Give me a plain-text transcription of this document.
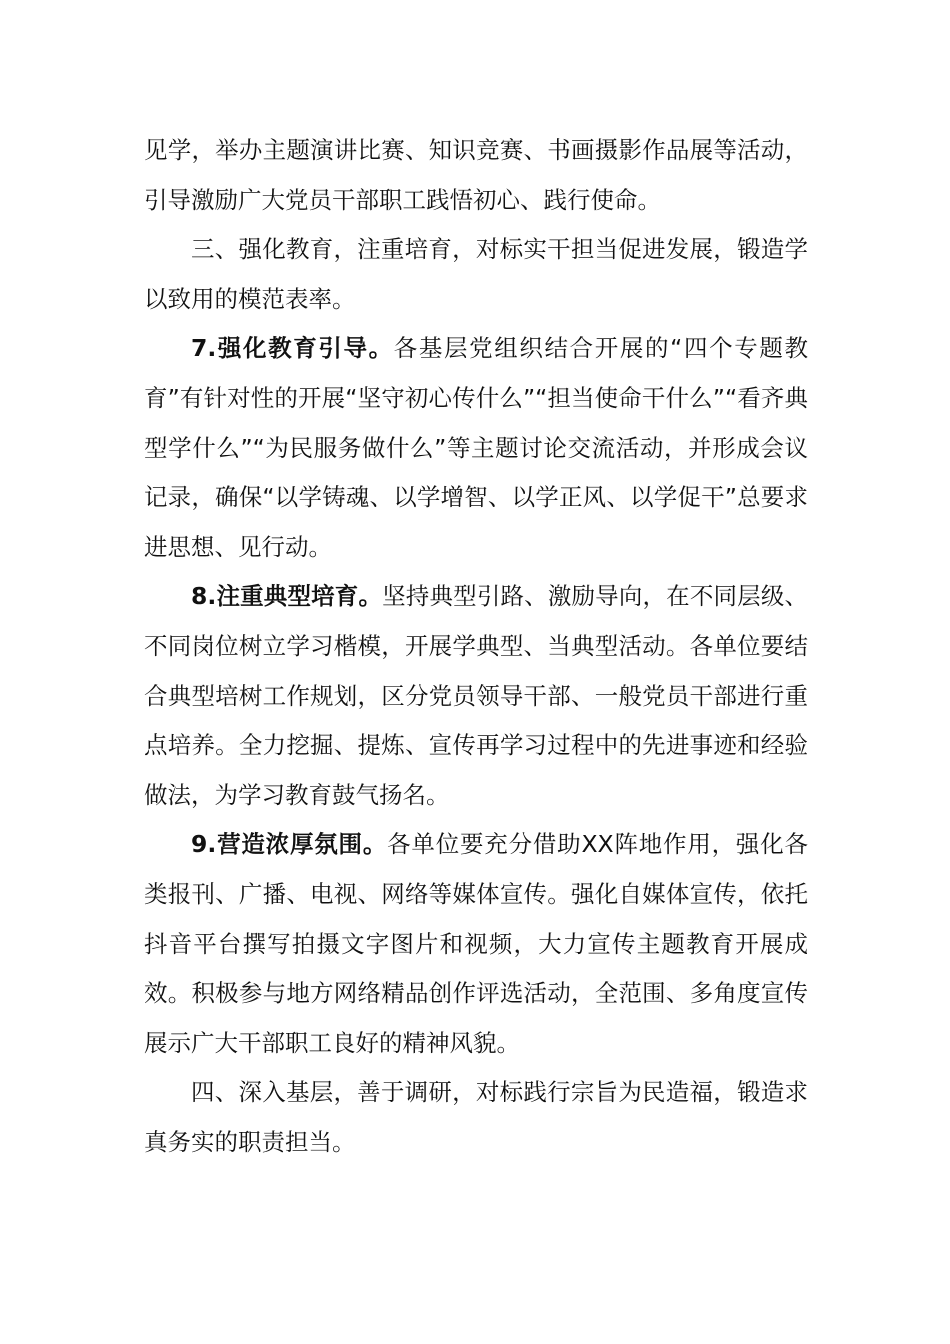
见学，举办主题演讲比赛、知识竞赛、书画摄影作品展等活动，引导激励广大党员干部职工践悟初心、践行使命。

三、强化教育，注重培育，对标实干担当促进发展，锻造学以致用的模范表率。

7.强化教育引导。各基层党组织结合开展的“四个专题教育”有针对性的开展“坚守初心传什么”“担当使命干什么”“看齐典型学什么”“为民服务做什么”等主题讨论交流活动，并形成会议记录，确保“以学铸魂、以学增智、以学正风、以学促干”总要求进思想、见行动。

8.注重典型培育。坚持典型引路、激励导向，在不同层级、不同岗位树立学习楷模，开展学典型、当典型活动。各单位要结合典型培树工作规划，区分党员领导干部、一般党员干部进行重点培养。全力挖掘、提炼、宣传再学习过程中的先进事迹和经验做法，为学习教育鼓气扬名。

9.营造浓厚氛围。各单位要充分借助XX阵地作用，强化各类报刊、广播、电视、网络等媒体宣传。强化自媒体宣传，依托抖音平台撰写拍摄文字图片和视频，大力宣传主题教育开展成效。积极参与地方网络精品创作评选活动，全范围、多角度宣传展示广大干部职工良好的精神风貌。

四、深入基层，善于调研，对标践行宗旨为民造福，锻造求真务实的职责担当。
